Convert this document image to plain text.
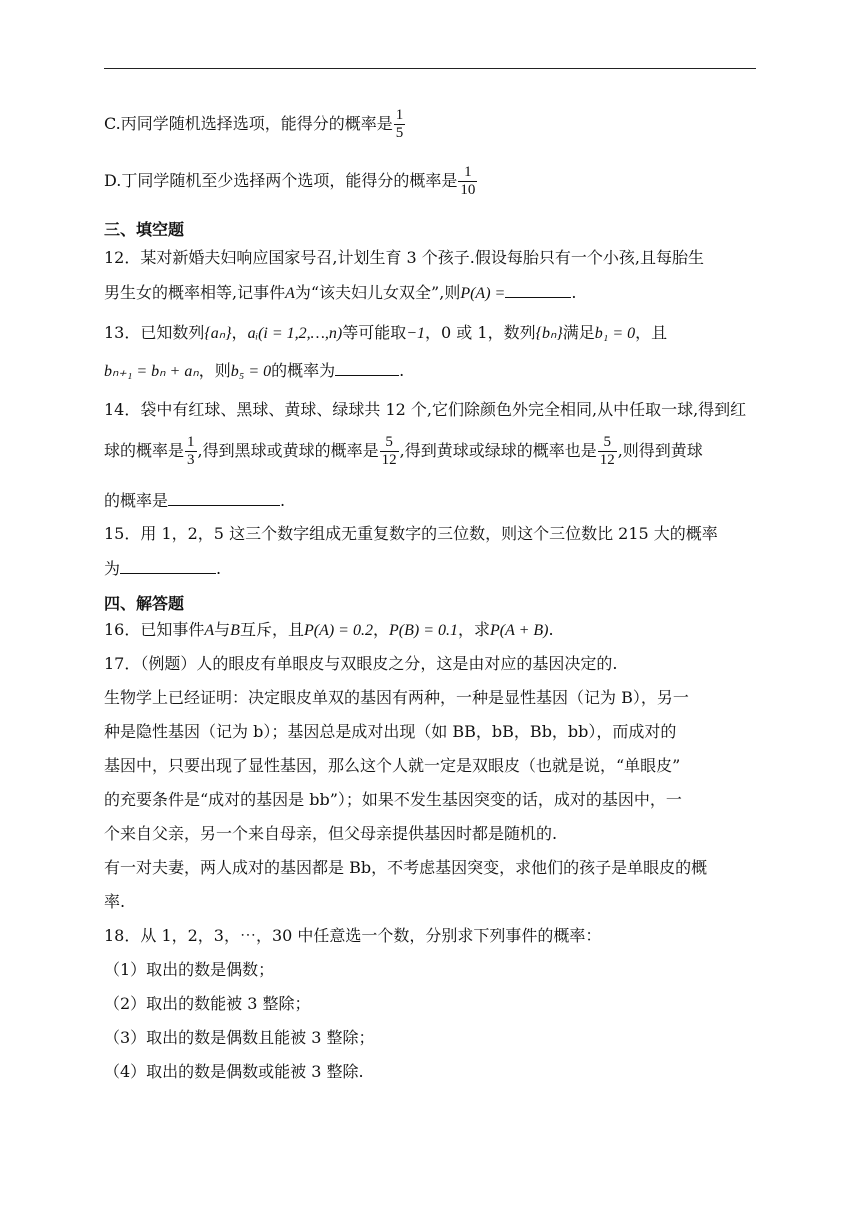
C.丙同学随机选择选项，能得分的概率是 $\frac{1}{5}$
D.丁同学随机至少选择两个选项，能得分的概率是 $\frac{1}{10}$
三、填空题
12．某对新婚夫妇响应国家号召,计划生育 3 个孩子.假设每胎只有一个小孩,且每胎生
男生女的概率相等,记事件A为“该夫妇儿女双全”,则P(A) =	.
13．已知数列{aₙ}，aᵢ(i = 1,2,…,n)等可能取−1，0 或 1，数列{bₙ}满足b₁ = 0，且
bₙ₊₁ = bₙ + aₙ，则b₅ = 0的概率为	.
14．袋中有红球、黑球、黄球、绿球共 12 个,它们除颜色外完全相同,从中任取一球,得到红
球的概率是 $\frac{1}{3}$ ,得到黑球或黄球的概率是 $\frac{5}{12}$ ,得到黄球或绿球的概率也是 $\frac{5}{12}$ ,则得到黄球
的概率是	.
15．用 1，2，5 这三个数字组成无重复数字的三位数，则这个三位数比 215 大的概率
为	.
四、解答题
16．已知事件A与B互斥，且P(A) = 0.2，P(B) = 0.1，求P(A + B).
17．（例题）人的眼皮有单眼皮与双眼皮之分，这是由对应的基因决定的.
生物学上已经证明：决定眼皮单双的基因有两种，一种是显性基因（记为 B），另一
种是隐性基因（记为 b）；基因总是成对出现（如 BB，bB，Bb，bb），而成对的
基因中，只要出现了显性基因，那么这个人就一定是双眼皮（也就是说，“单眼皮”
的充要条件是“成对的基因是 bb”）；如果不发生基因突变的话，成对的基因中，一
个来自父亲，另一个来自母亲，但父母亲提供基因时都是随机的.
有一对夫妻，两人成对的基因都是 Bb，不考虑基因突变，求他们的孩子是单眼皮的概
率.
18．从 1，2，3，⋯，30 中任意选一个数，分别求下列事件的概率：
（1）取出的数是偶数；
（2）取出的数能被 3 整除；
（3）取出的数是偶数且能被 3 整除；
（4）取出的数是偶数或能被 3 整除.
